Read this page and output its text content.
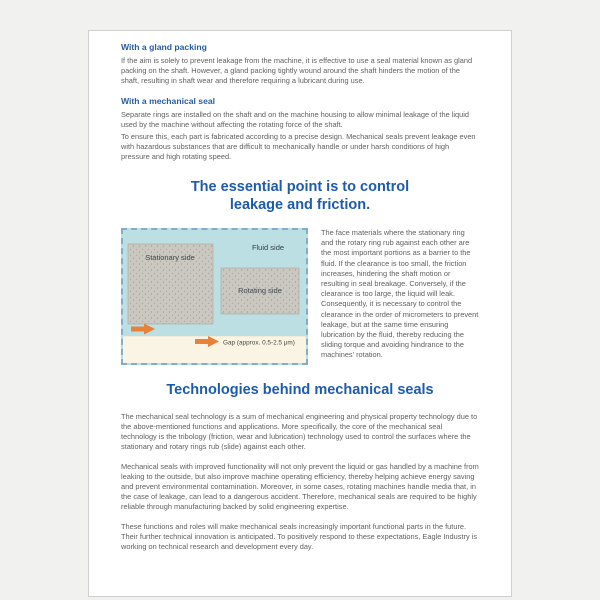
With a gland packing

If the aim is solely to prevent leakage from the machine, it is effective to use a seal material known as gland packing on the shaft. However, a gland packing tightly wound around the shaft hinders the motion of the shaft, resulting in shaft wear and therefore requiring a lubricant during use.

With a mechanical seal

Separate rings are installed on the shaft and on the machine housing to allow minimal leakage of the liquid used by the machine without affecting the rotating force of the shaft.

To ensure this, each part is fabricated according to a precise design. Mechanical seals prevent leakage even with hazardous substances that are difficult to mechanically handle or under harsh conditions of high pressure and high rotating speed.

The essential point is to control
leakage and friction.
Fluid side
Stationary side
Rotating side
Gap (approx. 0.5-2.5 μm)

The face materials where the stationary ring and the rotary ring rub against each other are the most important portions as a barrier to the fluid. If the clearance is too small, the friction increases, hindering the shaft motion or resulting in seal breakage. Conversely, if the clearance is too large, the liquid will leak. Consequently, it is necessary to control the clearance in the order of micrometers to prevent leakage, but at the same time ensuring lubrication by the fluid, thereby reducing the sliding torque and avoiding hindrance to the machines' rotation.

Technologies behind mechanical seals

The mechanical seal technology is a sum of mechanical engineering and physical property technology due to the above-mentioned functions and applications. More specifically, the core of the mechanical seal technology is the tribology (friction, wear and lubrication) technology used to control the surfaces where the stationary and rotary rings rub (slide) against each other.

Mechanical seals with improved functionality will not only prevent the liquid or gas handled by a machine from leaking to the outside, but also improve machine operating efficiency, thereby helping achieve energy saving and prevent environmental contamination. Moreover, in some cases, rotating machines handle media that, in the case of leakage, can lead to a dangerous accident. Therefore, mechanical seals are required to be highly reliable through manufacturing backed by solid engineering expertise.

These functions and roles will make mechanical seals increasingly important functional parts in the future. Their further technical innovation is anticipated. To positively respond to these expectations, Eagle Industry is working on technical research and development every day.
